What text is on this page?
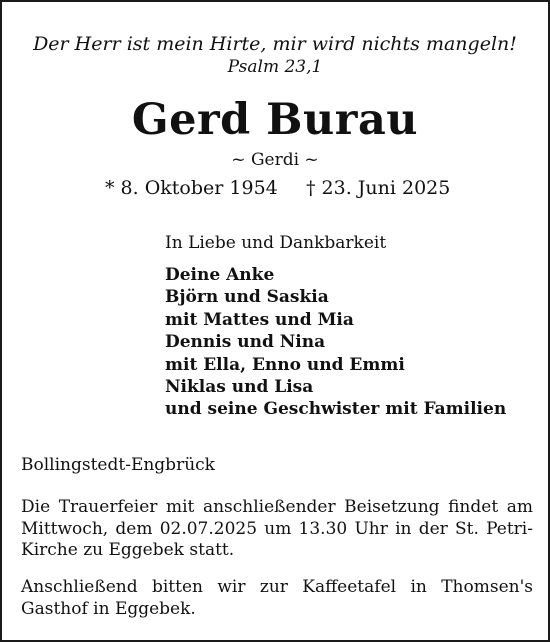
Der Herr ist mein Hirte, mir wird nichts mangeln!
Psalm 23,1
Gerd Burau
~ Gerdi ~
* 8. Oktober 1954 † 23. Juni 2025
In Liebe und Dankbarkeit
Deine Anke
Björn und Saskia
mit Mattes und Mia
Dennis und Nina
mit Ella, Enno und Emmi
Niklas und Lisa
und seine Geschwister mit Familien
Bollingstedt-Engbrück

Die Trauerfeier mit anschließender Beisetzung findet am Mittwoch, dem 02.07.2025 um 13.30 Uhr in der St. Petri-Kirche zu Eggebek statt.

Anschließend bitten wir zur Kaffeetafel in Thomsen's Gasthof in Eggebek.
